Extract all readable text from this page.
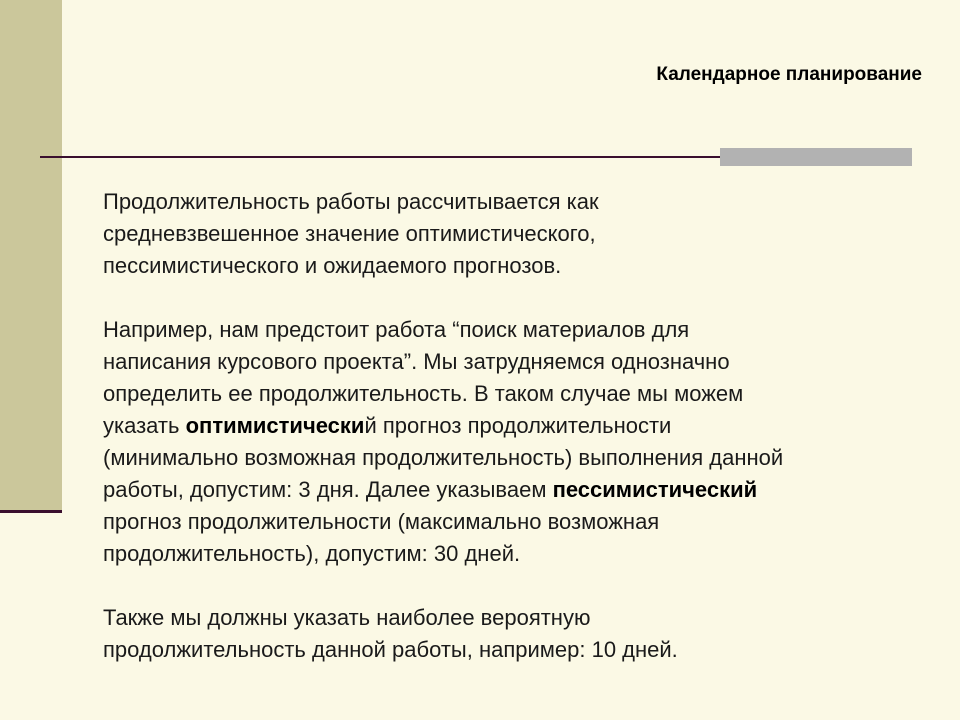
Календарное планирование

Продолжительность работы рассчитывается как
средневзвешенное значение оптимистического,
пессимистического и ожидаемого прогнозов.

Например, нам предстоит работа “поиск материалов для
написания курсового проекта”. Мы затрудняемся однозначно
определить ее продолжительность. В таком случае мы можем
указать оптимистический прогноз продолжительности
(минимально возможная продолжительность) выполнения данной
работы, допустим: 3 дня. Далее указываем пессимистический
прогноз продолжительности (максимально возможная
продолжительность), допустим: 30 дней.

Также мы должны указать наиболее вероятную
продолжительность данной работы, например: 10 дней.
